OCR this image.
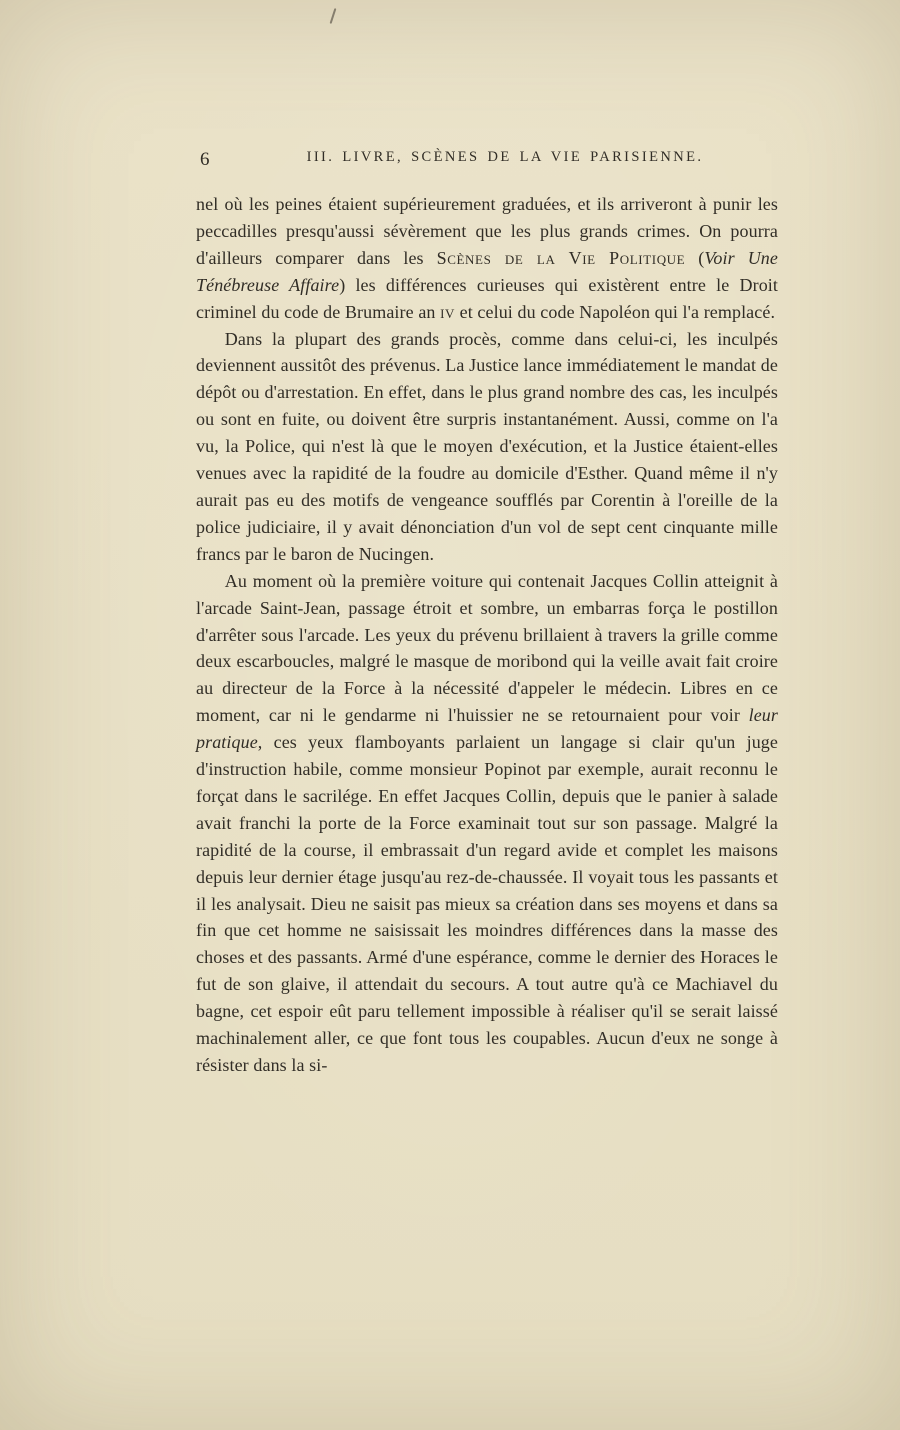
6	III. LIVRE, SCÈNES DE LA VIE PARISIENNE.

nel où les peines étaient supérieurement graduées, et ils arriveront à punir les peccadilles presqu'aussi sévèrement que les plus grands crimes. On pourra d'ailleurs comparer dans les Scènes de la Vie Politique (Voir Une Ténébreuse Affaire) les différences curieuses qui existèrent entre le Droit criminel du code de Brumaire an iv et celui du code Napoléon qui l'a remplacé.

Dans la plupart des grands procès, comme dans celui-ci, les inculpés deviennent aussitôt des prévenus. La Justice lance immédiatement le mandat de dépôt ou d'arrestation. En effet, dans le plus grand nombre des cas, les inculpés ou sont en fuite, ou doivent être surpris instantanément. Aussi, comme on l'a vu, la Police, qui n'est là que le moyen d'exécution, et la Justice étaient-elles venues avec la rapidité de la foudre au domicile d'Esther. Quand même il n'y aurait pas eu des motifs de vengeance soufflés par Corentin à l'oreille de la police judiciaire, il y avait dénonciation d'un vol de sept cent cinquante mille francs par le baron de Nucingen.

Au moment où la première voiture qui contenait Jacques Collin atteignit à l'arcade Saint-Jean, passage étroit et sombre, un embarras força le postillon d'arrêter sous l'arcade. Les yeux du prévenu brillaient à travers la grille comme deux escarboucles, malgré le masque de moribond qui la veille avait fait croire au directeur de la Force à la nécessité d'appeler le médecin. Libres en ce moment, car ni le gendarme ni l'huissier ne se retournaient pour voir leur pratique, ces yeux flamboyants parlaient un langage si clair qu'un juge d'instruction habile, comme monsieur Popinot par exemple, aurait reconnu le forçat dans le sacrilége. En effet Jacques Collin, depuis que le panier à salade avait franchi la porte de la Force examinait tout sur son passage. Malgré la rapidité de la course, il embrassait d'un regard avide et complet les maisons depuis leur dernier étage jusqu'au rez-de-chaussée. Il voyait tous les passants et il les analysait. Dieu ne saisit pas mieux sa création dans ses moyens et dans sa fin que cet homme ne saisissait les moindres différences dans la masse des choses et des passants. Armé d'une espérance, comme le dernier des Horaces le fut de son glaive, il attendait du secours. A tout autre qu'à ce Machiavel du bagne, cet espoir eût paru tellement impossible à réaliser qu'il se serait laissé machinalement aller, ce que font tous les coupables. Aucun d'eux ne songe à résister dans la si-
